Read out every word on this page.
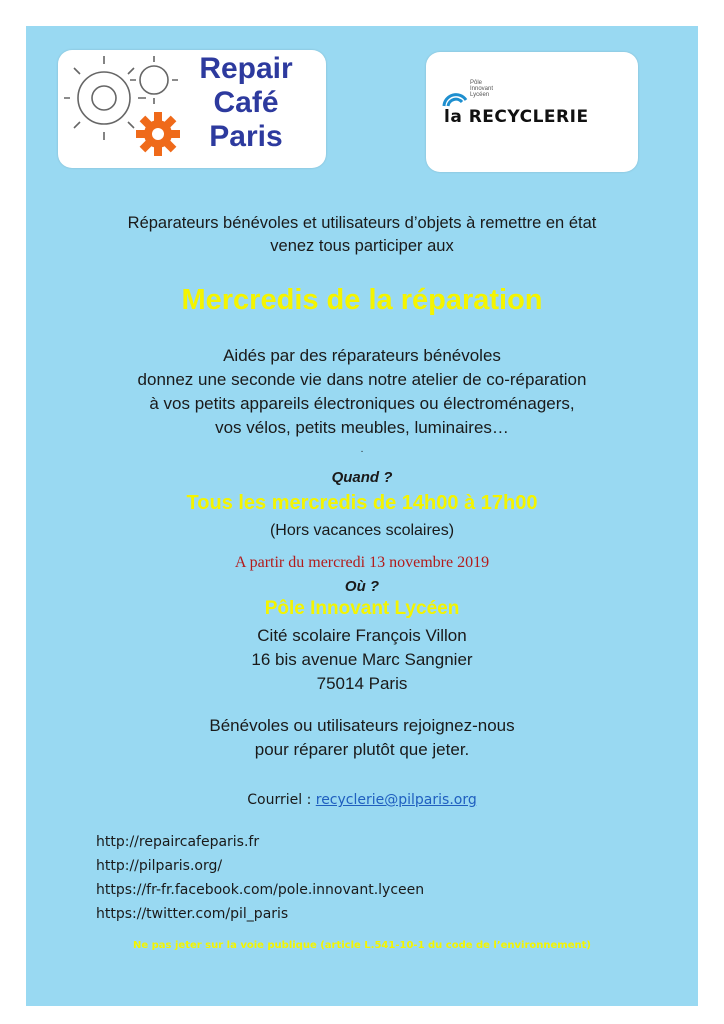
Repair
Café
Paris
Pôle
Innovant
Lycéen
la RECYCLERIE
Réparateurs bénévoles et utilisateurs d’objets à remettre en état
venez tous participer aux
Mercredis de la réparation
Aidés par des réparateurs bénévoles
donnez une seconde vie dans notre atelier de co-réparation
à vos petits appareils électroniques ou électroménagers,
vos vélos, petits meubles, luminaires…
.
Quand ?
Tous les mercredis de 14h00 à 17h00
(Hors vacances scolaires)
A partir du mercredi 13 novembre 2019
Où ?
Pôle Innovant Lycéen
Cité scolaire François Villon
16 bis avenue Marc Sangnier
75014 Paris
Bénévoles ou utilisateurs rejoignez-nous
pour réparer plutôt que jeter.
Courriel : recyclerie@pilparis.org
http://repaircafeparis.fr
http://pilparis.org/
https://fr-fr.facebook.com/pole.innovant.lyceen
https://twitter.com/pil_paris
Ne pas jeter sur la voie publique (article L.541-10-1 du code de l’environnement)
